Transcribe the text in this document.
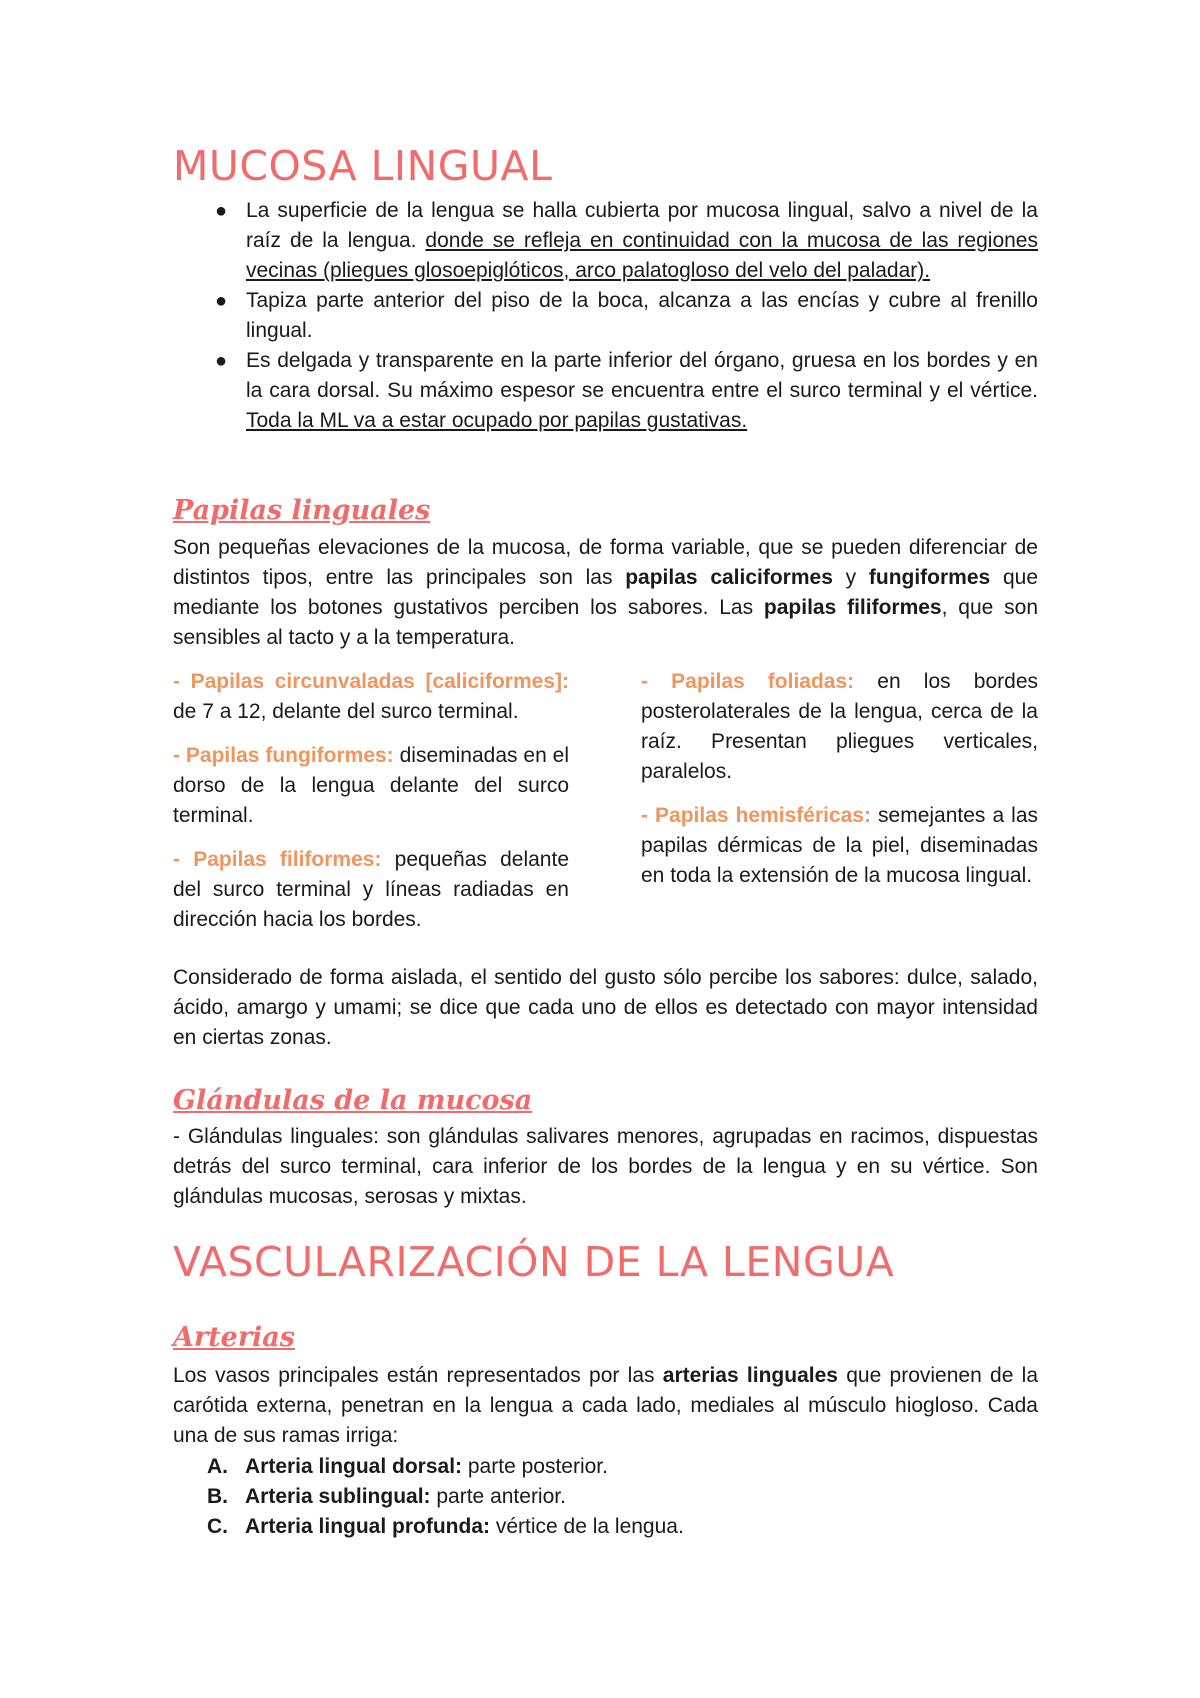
MUCOSA LINGUAL
● La superficie de la lengua se halla cubierta por mucosa lingual, salvo a nivel de la raíz de la lengua. donde se refleja en continuidad con la mucosa de las regiones vecinas (pliegues glosoepiglóticos, arco palatogloso del velo del paladar).
● Tapiza parte anterior del piso de la boca, alcanza a las encías y cubre al frenillo lingual.
● Es delgada y transparente en la parte inferior del órgano, gruesa en los bordes y en la cara dorsal. Su máximo espesor se encuentra entre el surco terminal y el vértice. Toda la ML va a estar ocupado por papilas gustativas.
Papilas linguales
Son pequeñas elevaciones de la mucosa, de forma variable, que se pueden diferenciar de distintos tipos, entre las principales son las papilas caliciformes y fungiformes que mediante los botones gustativos perciben los sabores. Las papilas filiformes, que son sensibles al tacto y a la temperatura.

- Papilas circunvaladas [caliciformes]: de 7 a 12, delante del surco terminal.

- Papilas fungiformes: diseminadas en el dorso de la lengua delante del surco terminal.

- Papilas filiformes: pequeñas delante del surco terminal y líneas radiadas en dirección hacia los bordes.

- Papilas foliadas: en los bordes posterolaterales de la lengua, cerca de la raíz. Presentan pliegues verticales, paralelos.

- Papilas hemisféricas: semejantes a las papilas dérmicas de la piel, diseminadas en toda la extensión de la mucosa lingual.

Considerado de forma aislada, el sentido del gusto sólo percibe los sabores: dulce, salado, ácido, amargo y umami; se dice que cada uno de ellos es detectado con mayor intensidad en ciertas zonas.
Glándulas de la mucosa
- Glándulas linguales: son glándulas salivares menores, agrupadas en racimos, dispuestas detrás del surco terminal, cara inferior de los bordes de la lengua y en su vértice. Son glándulas mucosas, serosas y mixtas.
VASCULARIZACIÓN DE LA LENGUA
Arterias
Los vasos principales están representados por las arterias linguales que provienen de la carótida externa, penetran en la lengua a cada lado, mediales al músculo hiogloso. Cada una de sus ramas irriga:
A. Arteria lingual dorsal: parte posterior.
B. Arteria sublingual: parte anterior.
C. Arteria lingual profunda: vértice de la lengua.
